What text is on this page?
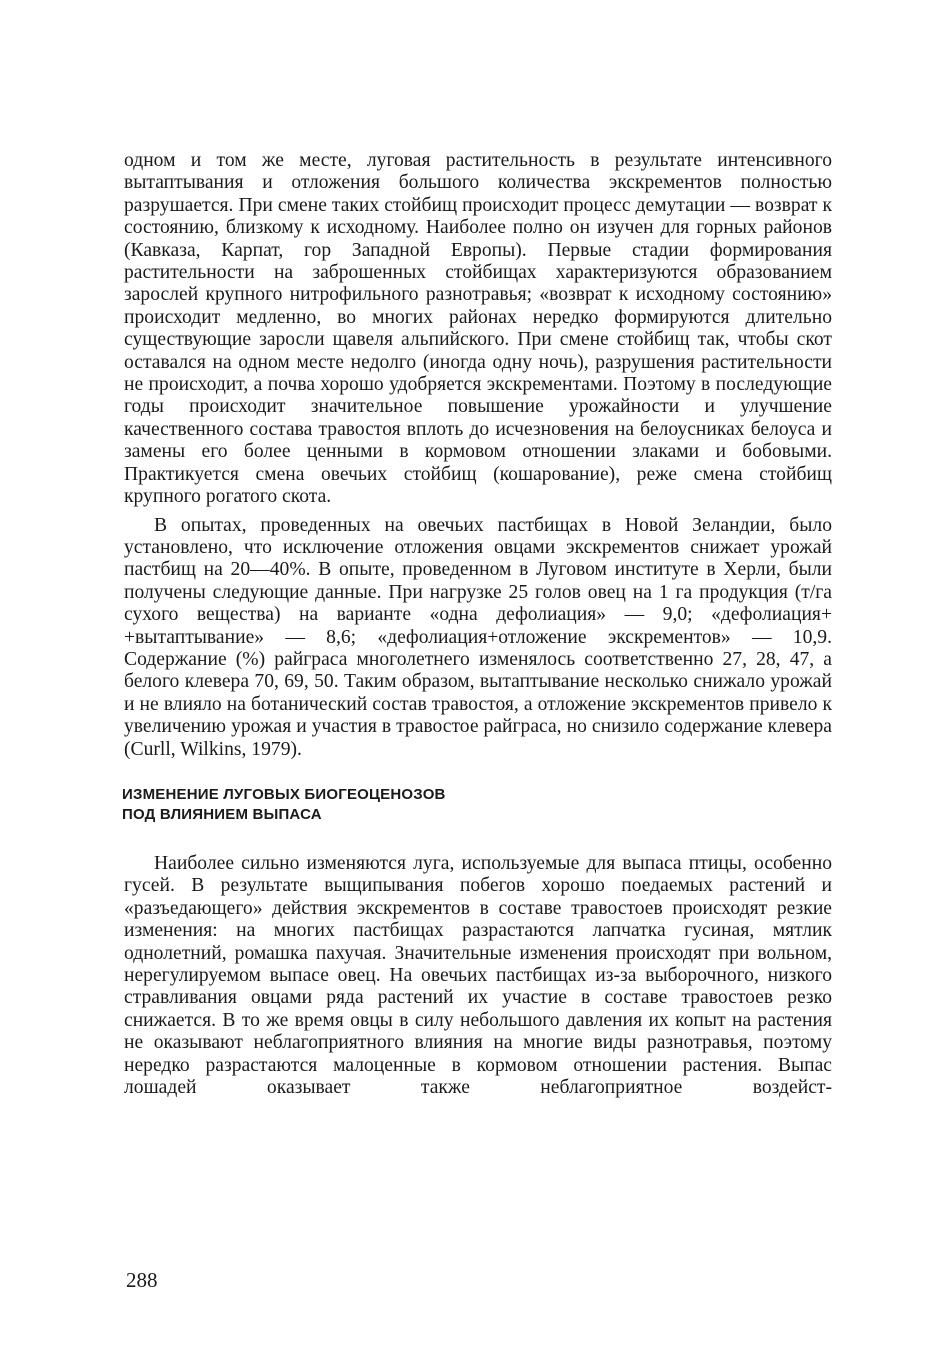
одном и том же месте, луговая растительность в результате интенсивного вытаптывания и отложения большого количества экскрементов полностью разрушается. При смене таких стойбищ происходит процесс демутации — возврат к состоянию, близкому к исходному. Наиболее полно он изучен для горных районов (Кавказа, Карпат, гор Западной Европы). Первые стадии формирования растительности на заброшенных стойбищах характеризуются образованием зарослей крупного нитрофильного разнотравья; «возврат к исходному состоянию» происходит медленно, во многих районах нередко формируются длительно существующие заросли щавеля альпийского. При смене стойбищ так, чтобы скот оставался на одном месте недолго (иногда одну ночь), разрушения растительности не происходит, а почва хорошо удобряется экскрементами. Поэтому в последующие годы происходит значительное повышение урожайности и улучшение качественного состава травостоя вплоть до исчезновения на белоусниках белоуса и замены его более ценными в кормовом отношении злаками и бобовыми. Практикуется смена овечьих стойбищ (кошарование), реже смена стойбищ крупного рогатого скота.

В опытах, проведенных на овечьих пастбищах в Новой Зеландии, было установлено, что исключение отложения овцами экскрементов снижает урожай пастбищ на 20—40%. В опыте, проведенном в Луговом институте в Херли, были получены следующие данные. При нагрузке 25 голов овец на 1 га продукция (т/га сухого вещества) на варианте «одна дефолиация» — 9,0; «дефолиация+ +вытаптывание» — 8,6; «дефолиация+отложение экскрементов» — 10,9. Содержание (%) райграса многолетнего изменялось соответственно 27, 28, 47, а белого клевера 70, 69, 50. Таким образом, вытаптывание несколько снижало урожай и не влияло на ботанический состав травостоя, а отложение экскрементов привело к увеличению урожая и участия в травостое райграса, но снизило содержание клевера (Curll, Wilkins, 1979).

ИЗМЕНЕНИЕ ЛУГОВЫХ БИОГЕОЦЕНОЗОВ

ПОД ВЛИЯНИЕМ ВЫПАСА

Наиболее сильно изменяются луга, используемые для выпаса птицы, особенно гусей. В результате выщипывания побегов хорошо поедаемых растений и «разъедающего» действия экскрементов в составе травостоев происходят резкие изменения: на многих пастбищах разрастаются лапчатка гусиная, мятлик однолетний, ромашка пахучая. Значительные изменения происходят при вольном, нерегулируемом выпасе овец. На овечьих пастбищах из-за выборочного, низкого стравливания овцами ряда растений их участие в составе травостоев резко снижается. В то же время овцы в силу небольшого давления их копыт на растения не оказывают неблагоприятного влияния на многие виды разнотравья, поэтому нередко разрастаются малоценные в кормовом отношении растения. Выпас лошадей оказывает также неблагоприятное воздейст-

288
